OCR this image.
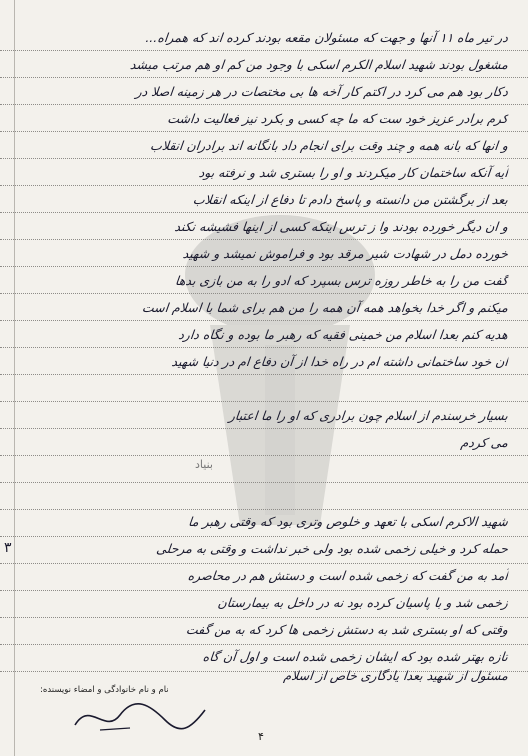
در تیر ماه ۱۱ آنها و جهت که مسئولان مقعه بودند کرده اند که همراه...
مشغول بودند شهید اسلام الکرم اسکی با وجود من کم او هم مرتب میشد
دکار بود هم می کرد در اکتم کار آخه ها بی مختصات در هر زمینه اصلا در
کرم برادر عزیز خود ست که ما چه کسی و بکرد نیز فعالیت داشت
و انها که بانه همه و چند وقت برای انجام داد بانگانه اند برادران انقلاب
آیه آنکه ساختمان کار میکردند و او را بستری شد و نرفته بود
بعد از برگشتن من دانسته و پاسخ دادم تا دفاع از اینکه انقلاب
و ان دیگر خورده بودند وا ز ترس اینکه کسی از اینها فشیشه نکند
خورده دمل در شهادت شیر مرقد بود و فراموش نمیشد و شهید
گفت من را به خاطر روزه ترس بسپرد که ادو را به من بازی بدها
میکنم و اگر خدا بخواهد همه آن همه را من هم برای شما با اسلام است
هدیه کنم بعدا اسلام من خمینی فقیه که رهبر ما بوده و نگاه دارد
ان خود ساختمانی داشته ام در راه خدا از آن دفاع ام در دنیا شهید
بسیار خرسندم از اسلام چون برادری که او را ما اعتبار
می کردم
بنیاد
شهید الاکرم اسکی با تعهد و خلوص وتری بود که وقتی رهبر ما
حمله کرد و خیلی زخمی شده بود ولی خبر نداشت و وقتی به مرحلی
آمد به من گفت که زخمی شده است و دستش هم در محاصره
زخمی شد و با پاسیان کرده بود نه در داخل به بیمارستان
وقتی که او بستری شد به دستش زخمی ها کرد که به من گفت
تازه بهتر شده بود که ایشان زخمی شده است و اول آن گاه
مسئول از شهید بعدا یادگاری خاص از اسلام
۳
نام و نام خانوادگی و امضاء نویسنده:
۴
